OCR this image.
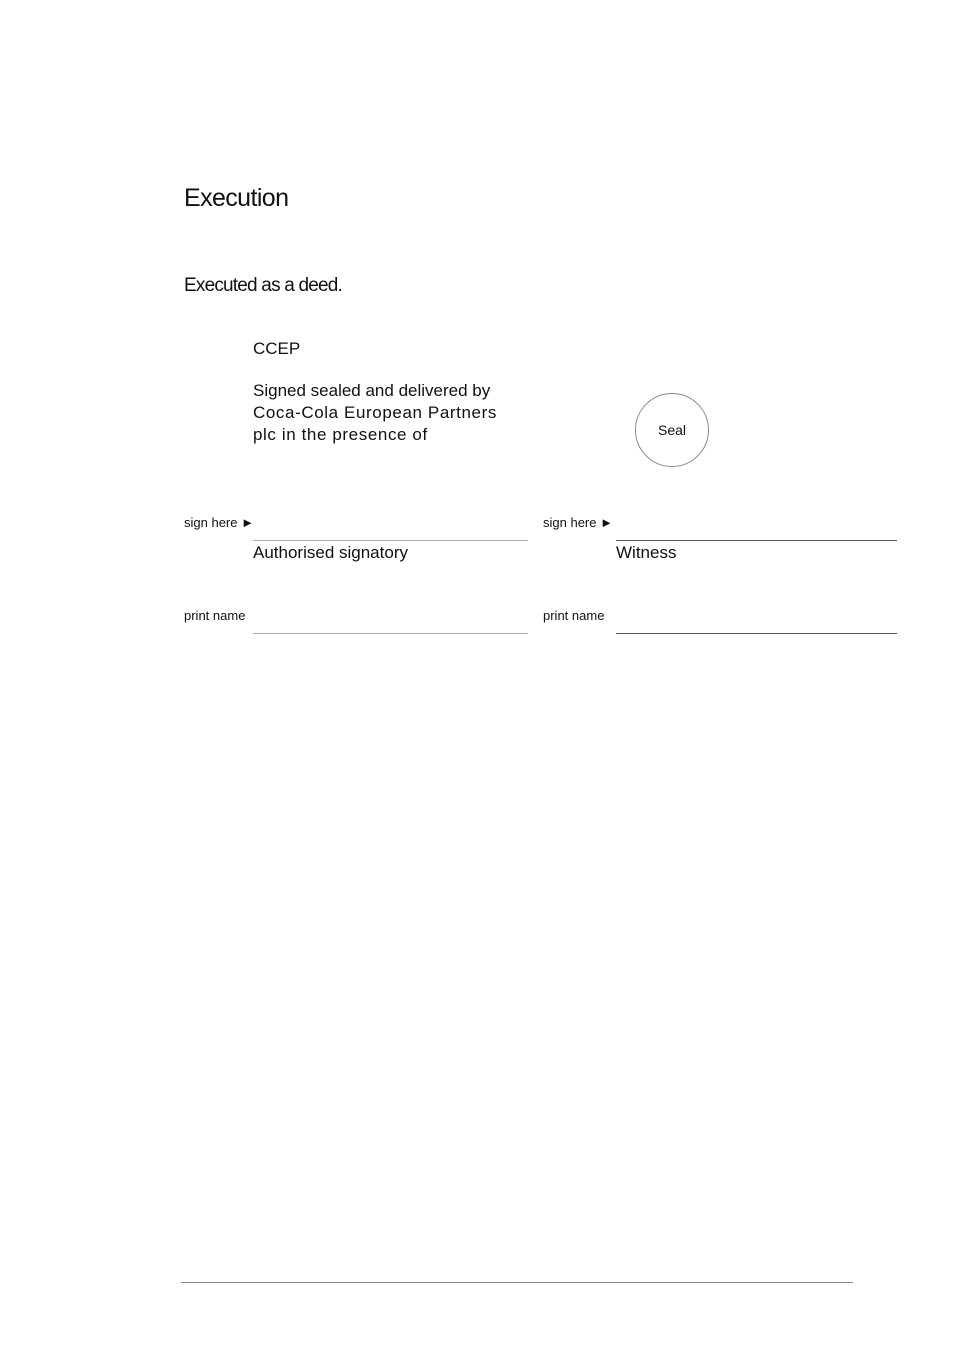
Execution
Executed as a deed.
CCEP
Signed sealed and delivered by
Coca-Cola European Partners
plc in the presence of	Seal
sign here ►
Authorised signatory
print name
sign here ►
Witness
print name
